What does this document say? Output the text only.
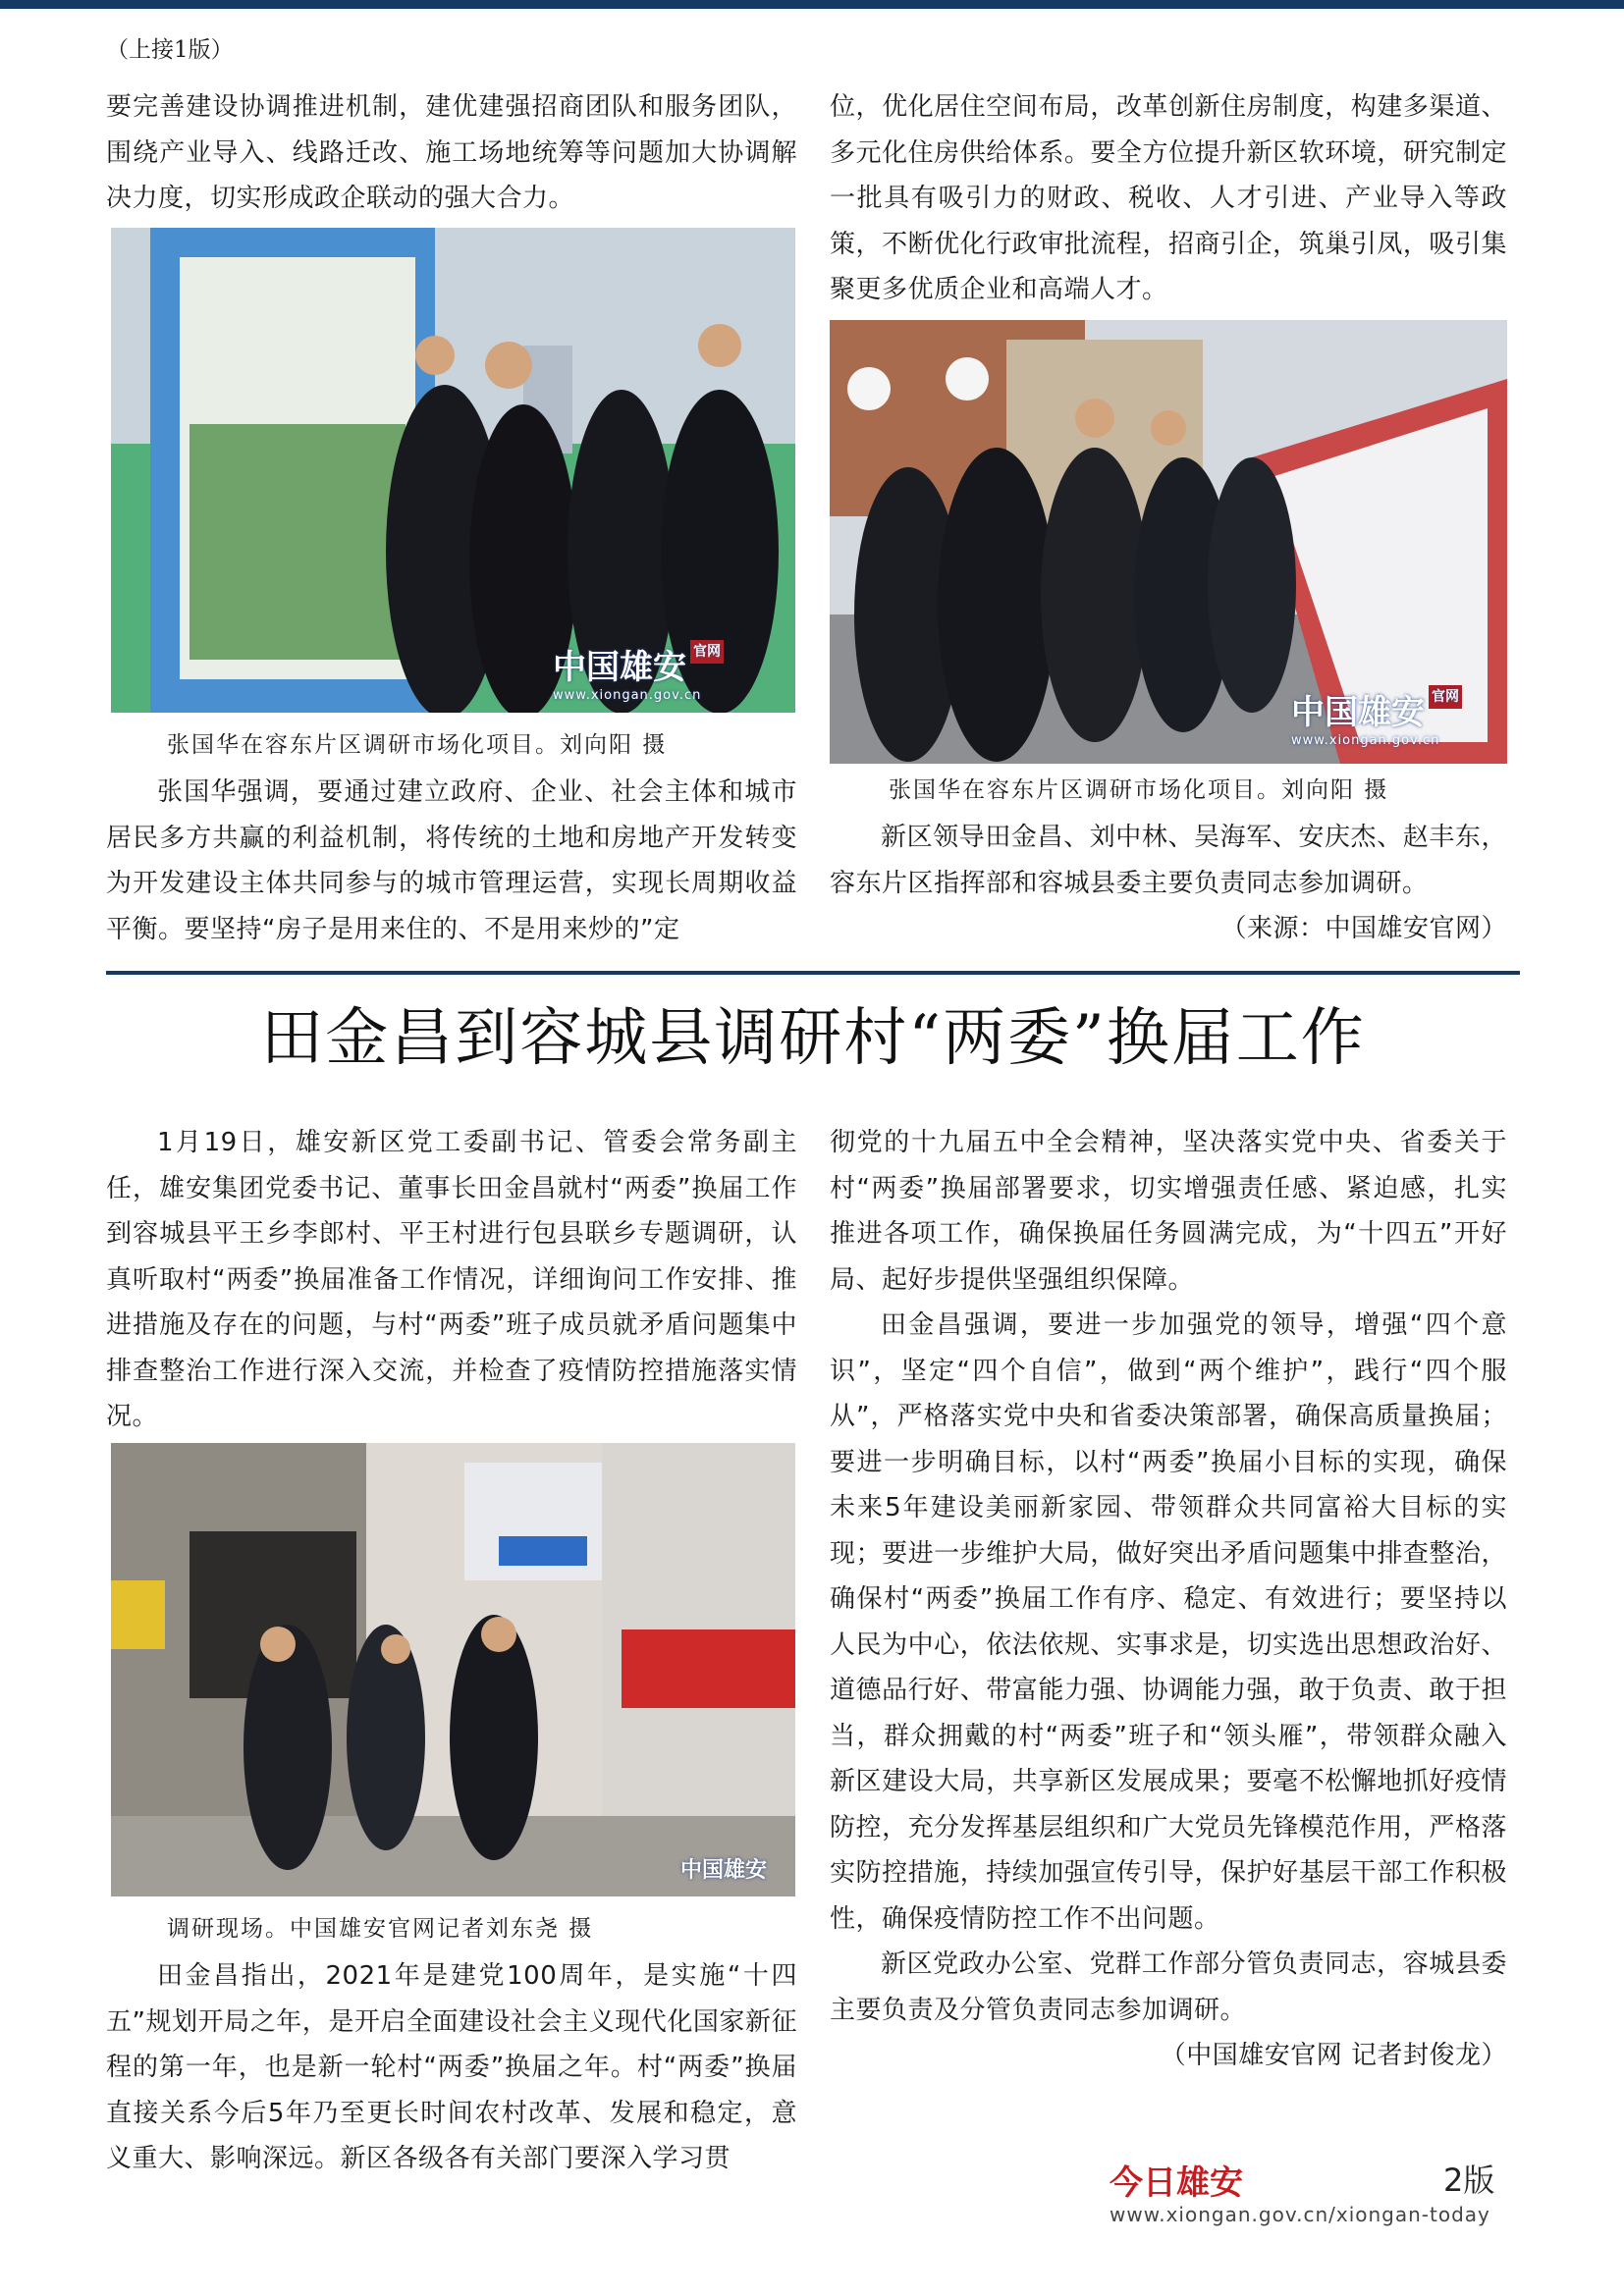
（上接1版）

要完善建设协调推进机制，建优建强招商团队和服务团队，围绕产业导入、线路迁改、施工场地统筹等问题加大协调解决力度，切实形成政企联动的强大合力。

中国雄安 官网
www.xiongan.gov.cn
张国华在容东片区调研市场化项目。刘向阳 摄

张国华强调，要通过建立政府、企业、社会主体和城市居民多方共赢的利益机制，将传统的土地和房地产开发转变为开发建设主体共同参与的城市管理运营，实现长周期收益平衡。要坚持“房子是用来住的、不是用来炒的”定

位，优化居住空间布局，改革创新住房制度，构建多渠道、多元化住房供给体系。要全方位提升新区软环境，研究制定一批具有吸引力的财政、税收、人才引进、产业导入等政策，不断优化行政审批流程，招商引企，筑巢引凤，吸引集聚更多优质企业和高端人才。

中国雄安 官网
www.xiongan.gov.cn
张国华在容东片区调研市场化项目。刘向阳 摄

新区领导田金昌、刘中林、吴海军、安庆杰、赵丰东，容东片区指挥部和容城县委主要负责同志参加调研。

（来源：中国雄安官网）

田金昌到容城县调研村“两委”换届工作

1月19日，雄安新区党工委副书记、管委会常务副主任，雄安集团党委书记、董事长田金昌就村“两委”换届工作到容城县平王乡李郎村、平王村进行包县联乡专题调研，认真听取村“两委”换届准备工作情况，详细询问工作安排、推进措施及存在的问题，与村“两委”班子成员就矛盾问题集中排查整治工作进行深入交流，并检查了疫情防控措施落实情况。

中国雄安
调研现场。中国雄安官网记者刘东尧 摄

田金昌指出，2021年是建党100周年，是实施“十四五”规划开局之年，是开启全面建设社会主义现代化国家新征程的第一年，也是新一轮村“两委”换届之年。村“两委”换届直接关系今后5年乃至更长时间农村改革、发展和稳定，意义重大、影响深远。新区各级各有关部门要深入学习贯

彻党的十九届五中全会精神，坚决落实党中央、省委关于村“两委”换届部署要求，切实增强责任感、紧迫感，扎实推进各项工作，确保换届任务圆满完成，为“十四五”开好局、起好步提供坚强组织保障。

田金昌强调，要进一步加强党的领导，增强“四个意识”，坚定“四个自信”，做到“两个维护”，践行“四个服从”，严格落实党中央和省委决策部署，确保高质量换届；要进一步明确目标，以村“两委”换届小目标的实现，确保未来5年建设美丽新家园、带领群众共同富裕大目标的实现；要进一步维护大局，做好突出矛盾问题集中排查整治，确保村“两委”换届工作有序、稳定、有效进行；要坚持以人民为中心，依法依规、实事求是，切实选出思想政治好、道德品行好、带富能力强、协调能力强，敢于负责、敢于担当，群众拥戴的村“两委”班子和“领头雁”，带领群众融入新区建设大局，共享新区发展成果；要毫不松懈地抓好疫情防控，充分发挥基层组织和广大党员先锋模范作用，严格落实防控措施，持续加强宣传引导，保护好基层干部工作积极性，确保疫情防控工作不出问题。

新区党政办公室、党群工作部分管负责同志，容城县委主要负责及分管负责同志参加调研。

（中国雄安官网 记者封俊龙）

今日雄安	2版
www.xiongan.gov.cn/xiongan-today
